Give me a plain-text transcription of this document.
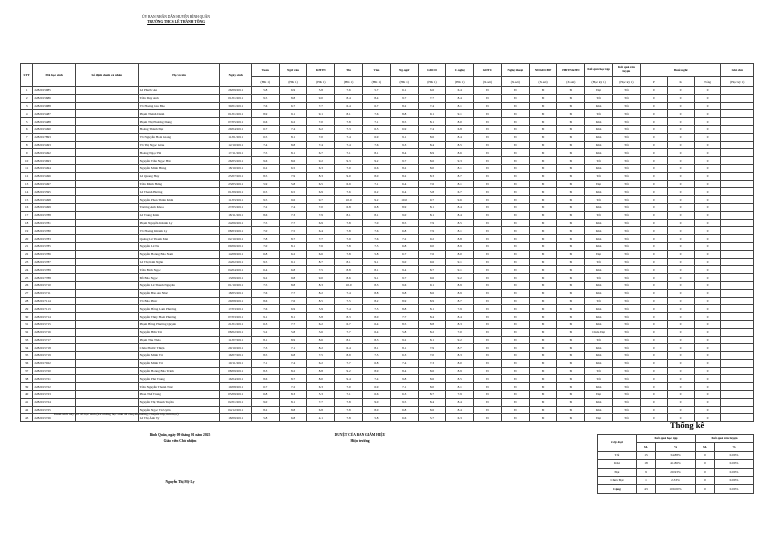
ỦY BAN NHÂN DÂN HUYỆN BÌNH QUÂN
TRƯỜNG THCS LÊ THÀNH TÔNG
STT	Mã học sinh	Số định danh cá nhân	Họ và tên	Ngày sinh	Toán	Ngữ văn	KHTN	Tin	Văn	Ng.ngữ	GDCD	C.nghệ	GDTC	Nghệ thuật	NDGDCĐP	HĐTN&HN	Kết quả học tập	Kết quả rèn luyện	Buổi nghỉ			Ghi chú
					(HK 1)	(HK 1)	(HK 1)	(HK 1)	(HK 1)	(HK 1)	(HK 1)	(HK 1)	(X.sét)	(X.sét)	(X.sét)	(X.sét)	(Học kỳ 1)	(Học kỳ 1)	P	K	Tổng	(Học kỳ 1)
1	2282015985		Lê Phước An	26/09/2011	5.8	6.9	5.8	7.6	5.7	6.1	6.6	6.4	Đ	Đ	Đ	Đ	Đạt	Tốt	0	0	0	
2	2282015686		Trần Duy Anh	01/01/2011	9.5	8.8	9.0	8.4	8.4	9.7	7.7	8.4	Đ	Đ	Đ	Đ	Tốt	Tốt	0	0	0	
3	2282015988		Võ Hoàng Gia Bảo	30/01/2011	7.6	6.7	7.7	6.4	6.7	8.2	7.4	8.1	Đ	Đ	Đ	Đ	Khá	Tốt	0	0	0	
4	2282015487		Phạm Thành Danh	01/01/2011	8.9	9.1	9.1	8.1	7.6	8.8	9.1	9.1	Đ	Đ	Đ	Đ	Tốt	Tốt	0	0	0	
5	2282015488		Phạm Thị Phương Dung	07/05/2011	6.6	6.2	7.0	7.8	7.1	8.5	8.1	8.0	Đ	Đ	Đ	Đ	Khá	Tốt	0	0	0	
6	2282015490		Hoàng Thành Đạt	29/04/2011	6.7	7.4	6.2	7.3	6.5	6.9	7.4	6.8	Đ	Đ	Đ	Đ	Khá	Tốt	0	0	0	
7	2282017893		Võ Nguyễn Hoài Giang	11/01/2011	6.5	8.1	7.0	7.4	6.9	9.1	8.6	8.4	Đ	Đ	Đ	Đ	Khá	Tốt	0	0	0	
8	2282015493		Võ Thị Ngọc Giàu	12/10/2011	7.4	8.8	7.4	7.4	7.6	9.3	8.4	8.5	Đ	Đ	Đ	Đ	Khá	Tốt	0	0	0	
9	2282015492		Hoàng Ngọc Hà	17/11/2011	7.5	8.1	6.7	7.1	8.1	8.4	8.9	8.6	Đ	Đ	Đ	Đ	Khá	Tốt	0	0	0	
10	2282015693		Nguyễn Trần Ngọc Hải	26/05/2011	9.6	8.6	9.2	9.3	9.2	9.7	8.6	9.3	Đ	Đ	Đ	Đ	Tốt	Tốt	0	0	0	
11	2282015494		Nguyễn Minh Hùng	18/10/2011	6.2	6.5	6.3	7.0	6.6	8.2	8.0	8.1	Đ	Đ	Đ	Đ	Khá	Tốt	0	0	0	
12	2282015496		Lê Quang Huy	25/07/2011	8.5	7.9	8.3	9.0	8.0	8.2	8.3	8.7	Đ	Đ	Đ	Đ	Tốt	Tốt	0	0	0	
13	2282015497		Trần Minh Hưng	23/05/2011	5.9	5.8	6.5	6.9	7.1	6.4	7.6	8.1	Đ	Đ	Đ	Đ	Đạt	Tốt	0	0	0	
14	2282015595		Lê Thanh Hương	01/09/2011	6.5	6.5	6.9	7.6	6.2	6.4	5.8	6.7	Đ	Đ	Đ	Đ	Khá	Tốt	0	0	0	
15	2282015498		Nguyễn Phan Thiên Khải	11/03/2011	9.5	9.6	9.7	10.0	9.2	10.0	9.7	9.6	Đ	Đ	Đ	Đ	Tốt	Tốt	0	0	0	
16	2282015499		Trương Anh Khoa	27/05/2011	7.2	7.4	7.0	6.8	6.8	8.9	8.1	8.4	Đ	Đ	Đ	Đ	Khá	Tốt	0	0	0	
17	2282015788		Lê Trung Kiên	18/11/2011	8.6	7.3	7.9	8.1	8.1	9.0	8.1	8.4	Đ	Đ	Đ	Đ	Tốt	Tốt	0	0	0	
18	2282015781		Phạm Nguyễn Khánh Ly	24/06/2011	7.5	7.7	6.9	7.8	7.0	8.5	7.9	8.5	Đ	Đ	Đ	Đ	Khá	Tốt	0	0	0	
19	2282015780		Võ Hoàng Khánh Ly	08/03/2011	7.0	7.5	6.4	7.8	7.6	6.8	7.9	8.1	Đ	Đ	Đ	Đ	Khá	Tốt	0	0	0	
20	2282015783		Quảng Lê Thanh Mai	02/10/2011	7.8	8.7	7.7	7.9	7.6	7.2	9.2	8.8	Đ	Đ	Đ	Đ	Khá	Tốt	0	0	0	
21	2282015785		Nguyễn Lê Na	09/06/2011	7.0	8.1	7.6	7.8	7.5	6.8	9.0	8.9	Đ	Đ	Đ	Đ	Khá	Tốt	0	0	0	
22	2282015786		Nguyễn Hoàng Bảo Nam	14/08/2011	6.8	6.2	6.6	7.8	5.8	6.7	7.6	8.0	Đ	Đ	Đ	Đ	Đạt	Tốt	0	0	0	
23	2282015787		Lê Thị Kim Ngân	24/02/2011	9.5	9.1	8.7	8.1	9.1	9.0	9.6	9.1	Đ	Đ	Đ	Đ	Tốt	Tốt	0	0	0	
24	2282015789		Trần Bích Ngọc	04/04/2011	6.4	6.8	7.5	8.8	8.1	9.4	8.7	9.1	Đ	Đ	Đ	Đ	Khá	Tốt	0	0	0	
25	2282017788		Đỗ Bảo Ngọc	13/09/2011	9.2	9.8	9.0	8.6	9.1	9.7	9.6	9.2	Đ	Đ	Đ	Đ	Tốt	Tốt	0	0	0	
26	2282015710		Nguyễn Lê Thanh Nguyên	01/10/2011	7.5	8.8	8.3	10.0	8.3	9.6	9.1	8.9	Đ	Đ	Đ	Đ	Khá	Tốt	0	0	0	
27	2282015711		Nguyễn Bảo An Như	18/05/2011	7.6	7.7	8.2	7.4	8.8	9.8	8.6	8.9	Đ	Đ	Đ	Đ	Khá	Tốt	0	0	0	
28	2282017114		Võ Bảo Phúc	29/08/2011	8.6	7.6	8.5	7.5	8.2	8.9	8.9	8.7	Đ	Đ	Đ	Đ	Tốt	Tốt	0	0	0	
29	2282017113		Nguyễn Hồng Lam Phương	17/03/2011	7.6	6.9	5.9	7.4	7.5	8.8	8.1	7.9	Đ	Đ	Đ	Đ	Khá	Tốt	0	0	0	
30	2282015714		Nguyễn Thùy Hoài Phương	07/03/2011	9.1	8.1	5.8	8.3	8.0	7.7	8.4	8.4	Đ	Đ	Đ	Đ	Khá	Tốt	0	0	0	
31	2282015715		Phạm Hồng Phương Quyên	21/01/2011	6.3	7.7	6.2	6.7	6.4	8.5	8.8	8.3	Đ	Đ	Đ	Đ	Khá	Tốt	0	0	0	
32	2282015716		Nguyễn Hữu Tài	08/02/2011	5.2	5.8	3.6	7.7	6.4	5.8	8.2	7.0	Đ	Đ	Đ	Đ	Chưa Đạt	Tốt	0	0	0	
33	2282015717		Phạm Thu Thảo	11/07/2011	8.1	8.9	8.6	8.1	8.3	9.2	8.1	9.2	Đ	Đ	Đ	Đ	Tốt	Tốt	0	0	0	
34	2282015718		Châu Phước Thiện	29/10/2011	7.3	7.1	8.2	6.4	8.1	8.1	7.9	8.7	Đ	Đ	Đ	Đ	Khá	Tốt	0	0	0	
35	2282015719		Nguyễn Minh Trí	16/07/2011	8.5	6.8	7.5	8.9	7.5	6.3	7.0	8.3	Đ	Đ	Đ	Đ	Khá	Tốt	0	0	0	
36	2282017022		Nguyễn Minh Trí	10/11/2011	7.1	7.4	6.2	7.7	6.8	7.4	7.3	8.0	Đ	Đ	Đ	Đ	Khá	Tốt	0	0	0	
37	2282015720		Nguyễn Hoàng Bảo Trinh	08/09/2011	8.3	8.2	8.8	9.2	8.9	8.4	8.6	8.9	Đ	Đ	Đ	Đ	Tốt	Tốt	0	0	0	
38	2282015721		Nguyễn Phú Trung	16/04/2011	8.6	8.7	8.0	9.4	7.4	9.8	8.6	8.5	Đ	Đ	Đ	Đ	Tốt	Tốt	0	0	0	
39	2282015722		Trần Nguyễn Thanh Trúc	19/08/2011	6.7	7.2	6.3	7.0	6.9	7.1	8.0	8.1	Đ	Đ	Đ	Đ	Khá	Tốt	0	0	0	
40	2282015723		Phan Thế Trung	05/09/2011	6.8	8.3	5.3	7.1	6.6	6.3	8.7	7.9	Đ	Đ	Đ	Đ	Đạt	Tốt	0	0	0	
41	2282015724		Nguyễn Thị Thanh Tuyền	02/01/2011	9.0	8.1	7.7	7.8	9.0	9.5	8.4	8.4	Đ	Đ	Đ	Đ	Khá	Tốt	0	0	0	
42	2282015725		Nguyễn Ngọc Tú Uyên	04/12/2011	8.2	8.8	6.8	7.8	8.0	6.8	8.6	8.4	Đ	Đ	Đ	Đ	Khá	Tốt	0	0	0	
43	2282015726		Lê Thị Ánh Vy	18/09/2011	5.8	6.8	4.1	7.8	5.8	6.6	5.7	6.3	Đ	Đ	Đ	Đ	Đạt	Tốt	0	0	0	
Danh sách này (có 43 học sinh (trừ những học sinh đã chuyển trường, chuyển lớp, thôi học)
Bình Quân, ngày 09 tháng 01 năm 2025
Giáo viên Chủ nhiệm
Nguyễn Thị Mỹ Ly
DUYỆT CỦA BAN GIÁM HIỆU
Hiệu trưởng
Thống kê
Lớp loại	Kết quả học tập		Kết quả rèn luyện	
	SL	%	SL	%
Tốt	15	34.88%	0	0.00%
Khá	18	41.86%	0	0.00%
Đạt	9	20.93%	0	0.00%
Chưa Đạt	1	2.33%	0	0.00%
Cộng	43	100.00%	0	0.00%
